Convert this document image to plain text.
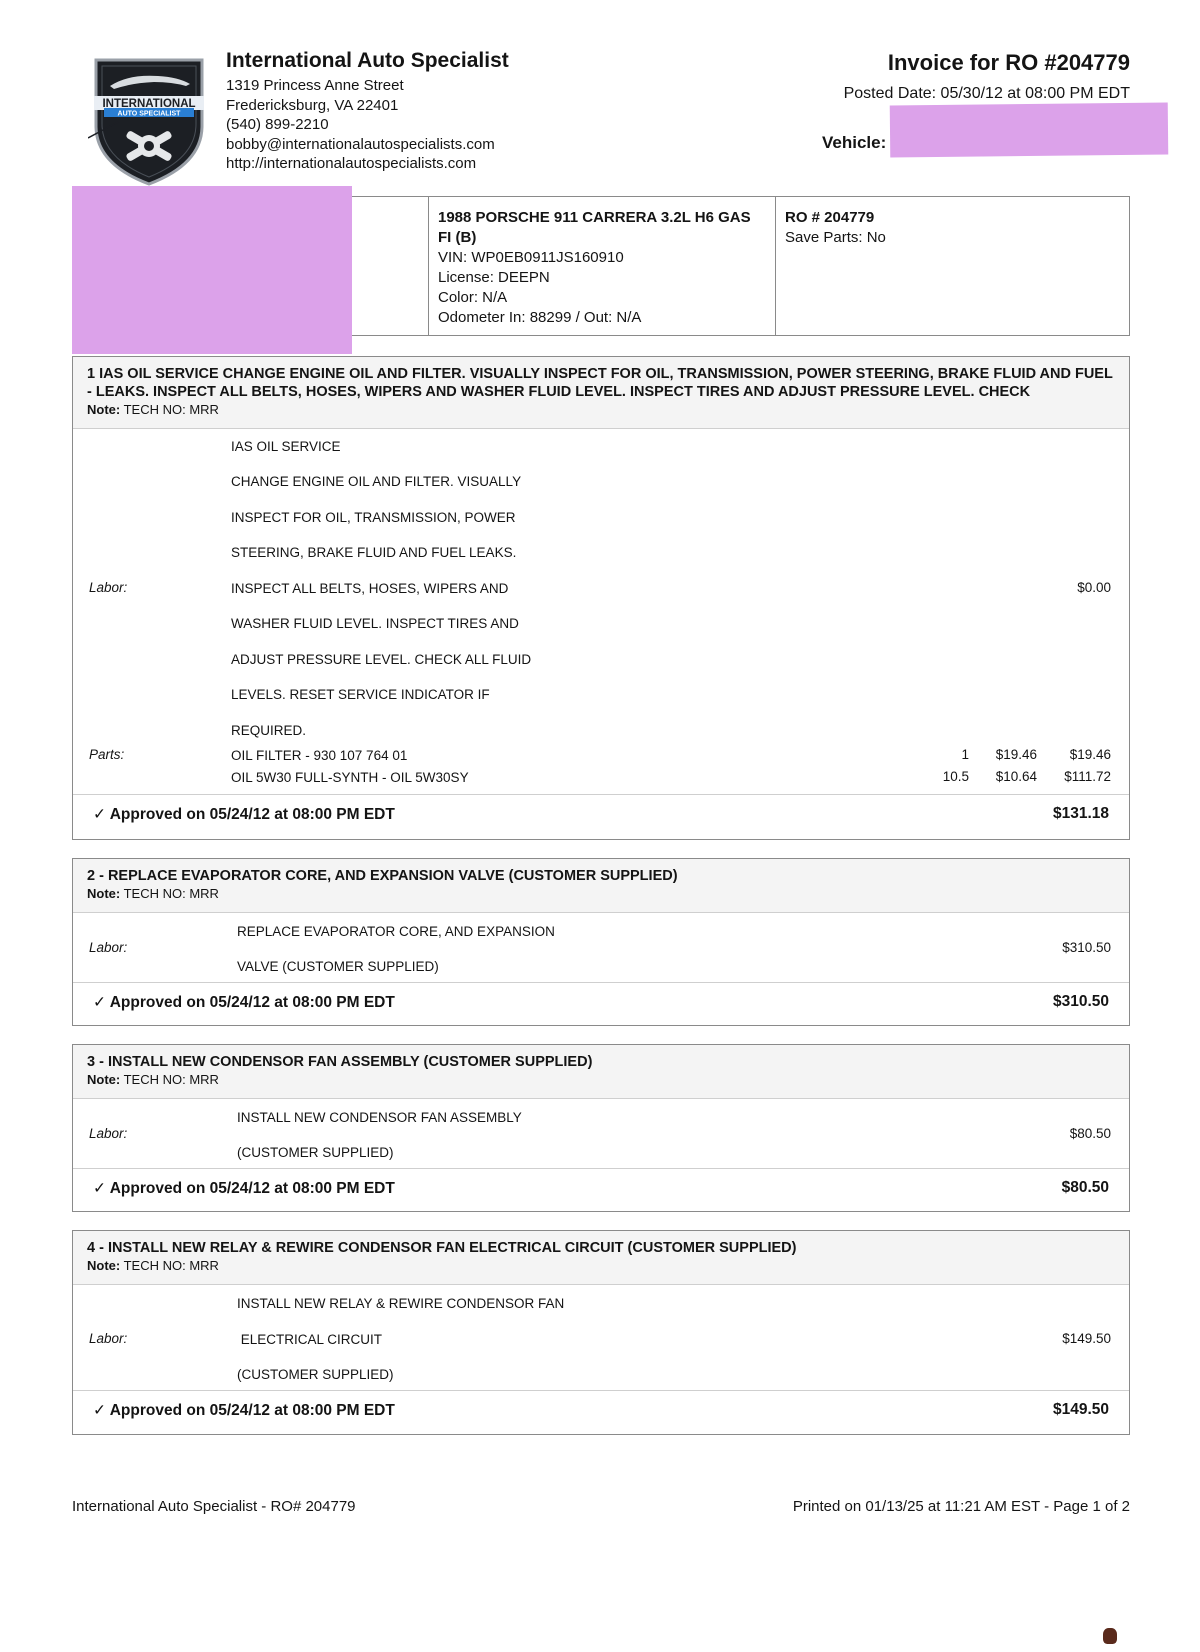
INTERNATIONAL
AUTO SPECIALIST
International Auto Specialist
1319 Princess Anne Street
Fredericksburg, VA 22401
(540) 899-2210
bobby@internationalautospecialists.com
http://internationalautospecialists.com
Invoice for RO #204779
Posted Date: 05/30/12 at 08:00 PM EDT
Vehicle:
1988 PORSCHE 911 CARRERA 3.2L H6 GAS
FI (B)
VIN: WP0EB0911JS160910
License: DEEPN
Color: N/A
Odometer In: 88299 / Out: N/A
RO # 204779
Save Parts: No
1 IAS OIL SERVICE CHANGE ENGINE OIL AND FILTER. VISUALLY INSPECT FOR OIL, TRANSMISSION, POWER STEERING, BRAKE FLUID AND FUEL
- LEAKS. INSPECT ALL BELTS, HOSES, WIPERS AND WASHER FLUID LEVEL. INSPECT TIRES AND ADJUST PRESSURE LEVEL. CHECK
Note: TECH NO: MRR
IAS OIL SERVICE
CHANGE ENGINE OIL AND FILTER. VISUALLY
INSPECT FOR OIL, TRANSMISSION, POWER
STEERING, BRAKE FLUID AND FUEL LEAKS.
INSPECT ALL BELTS, HOSES, WIPERS AND
WASHER FLUID LEVEL. INSPECT TIRES AND
ADJUST PRESSURE LEVEL. CHECK ALL FLUID
LEVELS. RESET SERVICE INDICATOR IF
REQUIRED.
Labor:	$0.00
Parts:	OIL FILTER - 930 107 764 01	1 $19.46 $19.46
OIL 5W30 FULL-SYNTH - OIL 5W30SY	10.5 $10.64 $111.72
✓ Approved on 05/24/12 at 08:00 PM EDT	$131.18
2 - REPLACE EVAPORATOR CORE, AND EXPANSION VALVE (CUSTOMER SUPPLIED)
Note: TECH NO: MRR
REPLACE EVAPORATOR CORE, AND EXPANSION
VALVE (CUSTOMER SUPPLIED)
Labor:	$310.50
✓ Approved on 05/24/12 at 08:00 PM EDT	$310.50
3 - INSTALL NEW CONDENSOR FAN ASSEMBLY (CUSTOMER SUPPLIED)
Note: TECH NO: MRR
INSTALL NEW CONDENSOR FAN ASSEMBLY
(CUSTOMER SUPPLIED)
Labor:	$80.50
✓ Approved on 05/24/12 at 08:00 PM EDT	$80.50
4 - INSTALL NEW RELAY & REWIRE CONDENSOR FAN ELECTRICAL CIRCUIT (CUSTOMER SUPPLIED)
Note: TECH NO: MRR
INSTALL NEW RELAY & REWIRE CONDENSOR FAN
ELECTRICAL CIRCUIT
(CUSTOMER SUPPLIED)
Labor:	$149.50
✓ Approved on 05/24/12 at 08:00 PM EDT	$149.50
International Auto Specialist - RO# 204779	Printed on 01/13/25 at 11:21 AM EST - Page 1 of 2
